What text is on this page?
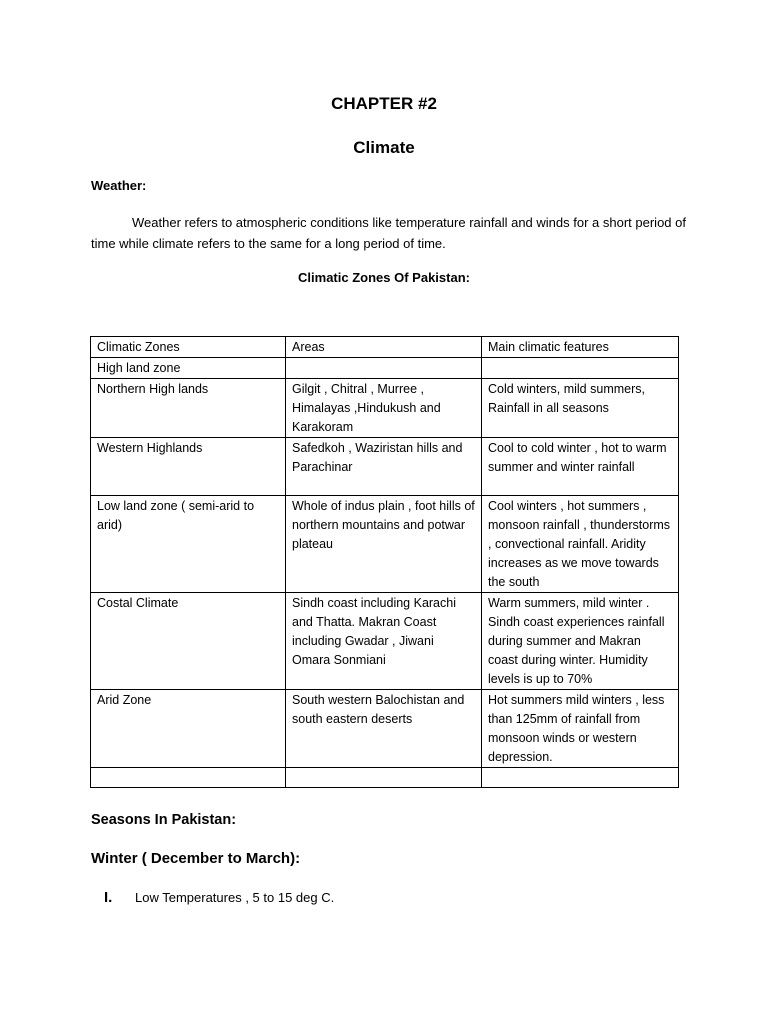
CHAPTER #2
Climate
Weather:
Weather refers to atmospheric conditions like temperature rainfall and winds for a short period of time while climate refers to the same for a long period of time.
Climatic Zones Of Pakistan:
Climatic Zones	Areas	Main climatic features
High land zone		
Northern High lands	Gilgit , Chitral , Murree , Himalayas ,Hindukush and Karakoram	Cold winters, mild summers, Rainfall in all seasons
Western Highlands	Safedkoh , Waziristan hills and Parachinar	Cool to cold winter , hot to warm summer and winter rainfall
Low land zone ( semi-arid to arid)	Whole of indus plain , foot hills of northern mountains and potwar plateau	Cool winters , hot summers , monsoon rainfall , thunderstorms , convectional rainfall. Aridity increases as we move towards the south
Costal Climate	Sindh coast including Karachi and Thatta. Makran Coast including Gwadar , Jiwani Omara Sonmiani	Warm summers, mild winter . Sindh coast experiences rainfall during summer and Makran coast during winter. Humidity levels is up to 70%
Arid Zone	South western Balochistan and south eastern deserts	Hot summers mild winters , less than 125mm of rainfall from monsoon winds or western depression.

Seasons In Pakistan:
Winter ( December to March):
I.	Low Temperatures , 5 to 15 deg C.
